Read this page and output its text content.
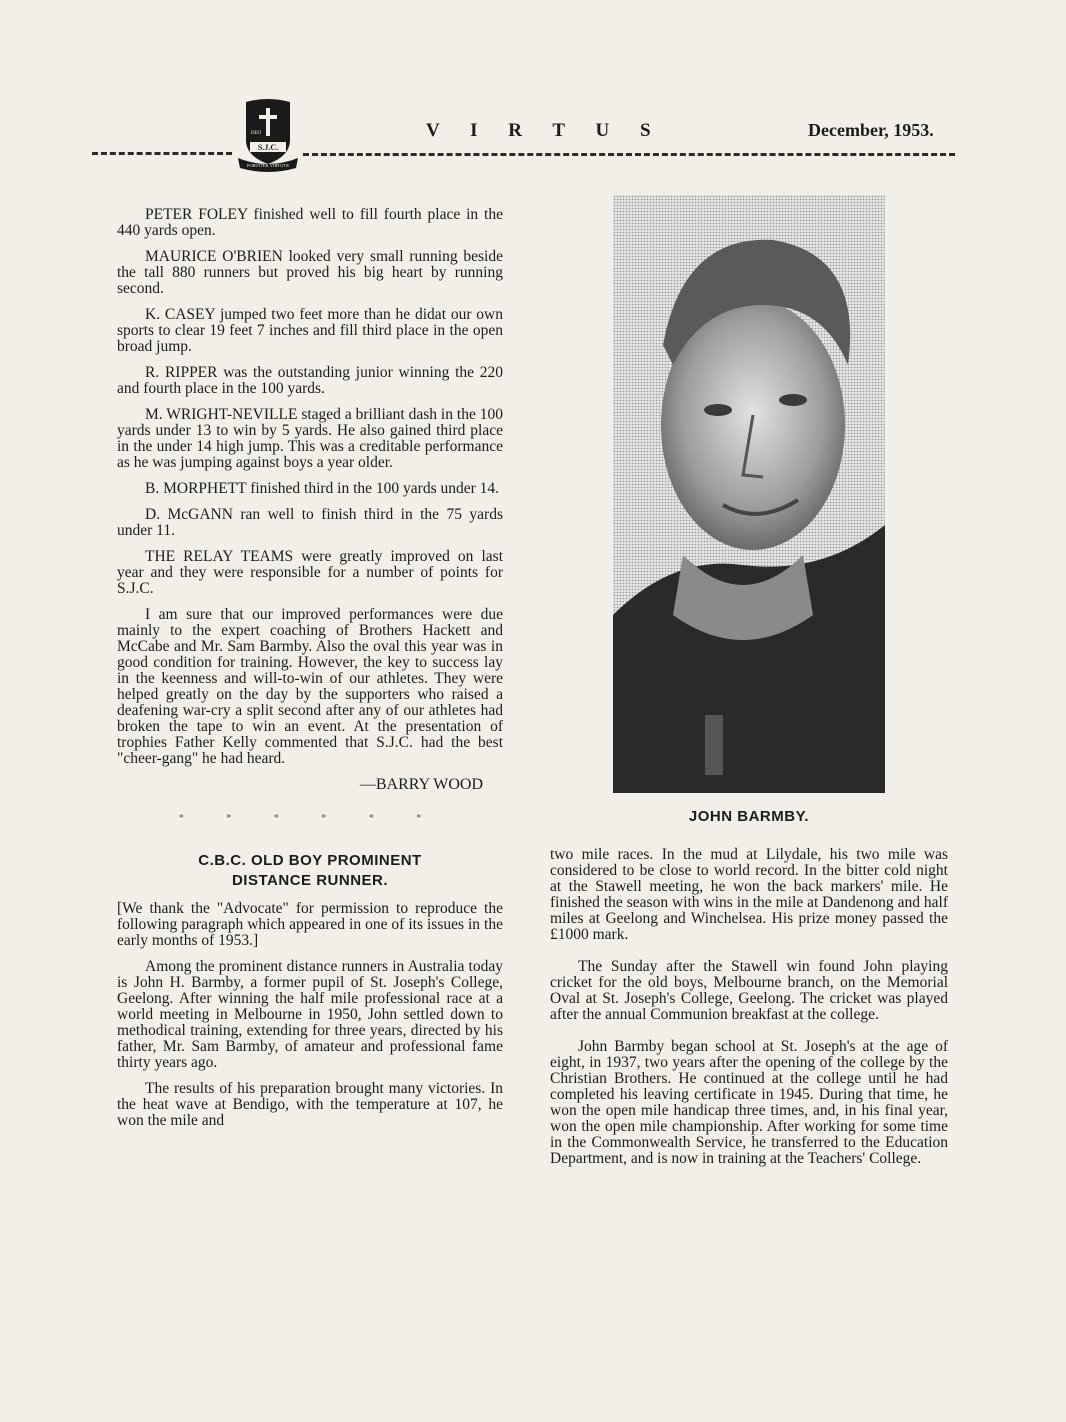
S.J.C.
DEO
FORTITER VIRTUTE
V I R T U S	December, 1953.

PETER FOLEY finished well to fill fourth place in the 440 yards open.

MAURICE O'BRIEN looked very small running beside the tall 880 runners but proved his big heart by running second.

K. CASEY jumped two feet more than he didat our own sports to clear 19 feet 7 inches and fill third place in the open broad jump.

R. RIPPER was the outstanding junior winning the 220 and fourth place in the 100 yards.

M. WRIGHT-NEVILLE staged a brilliant dash in the 100 yards under 13 to win by 5 yards. He also gained third place in the under 14 high jump. This was a creditable performance as he was jumping against boys a year older.

B. MORPHETT finished third in the 100 yards under 14.

D. McGANN ran well to finish third in the 75 yards under 11.

THE RELAY TEAMS were greatly improved on last year and they were responsible for a number of points for S.J.C.

I am sure that our improved performances were due mainly to the expert coaching of Brothers Hackett and McCabe and Mr. Sam Barmby. Also the oval this year was in good condition for training. However, the key to success lay in the keenness and will-to-win of our athletes. They were helped greatly on the day by the supporters who raised a deafening war-cry a split second after any of our athletes had broken the tape to win an event. At the presentation of trophies Father Kelly commented that S.J.C. had the best "cheer-gang" he had heard.

—BARRY WOOD

* * * * * *

C.B.C. OLD BOY PROMINENT
DISTANCE RUNNER.

[We thank the "Advocate" for permission to reproduce the following paragraph which appeared in one of its issues in the early months of 1953.]

Among the prominent distance runners in Australia today is John H. Barmby, a former pupil of St. Joseph's College, Geelong. After winning the half mile professional race at a world meeting in Melbourne in 1950, John settled down to methodical training, extending for three years, directed by his father, Mr. Sam Barmby, of amateur and professional fame thirty years ago.

The results of his preparation brought many victories. In the heat wave at Bendigo, with the temperature at 107, he won the mile and

JOHN BARMBY.

two mile races. In the mud at Lilydale, his two mile was considered to be close to world record. In the bitter cold night at the Stawell meeting, he won the back markers' mile. He finished the season with wins in the mile at Dandenong and half miles at Geelong and Winchelsea. His prize money passed the £1000 mark.

The Sunday after the Stawell win found John playing cricket for the old boys, Melbourne branch, on the Memorial Oval at St. Joseph's College, Geelong. The cricket was played after the annual Communion breakfast at the college.

John Barmby began school at St. Joseph's at the age of eight, in 1937, two years after the opening of the college by the Christian Brothers. He continued at the college until he had completed his leaving certificate in 1945. During that time, he won the open mile handicap three times, and, in his final year, won the open mile championship. After working for some time in the Commonwealth Service, he transferred to the Education Department, and is now in training at the Teachers' College.
